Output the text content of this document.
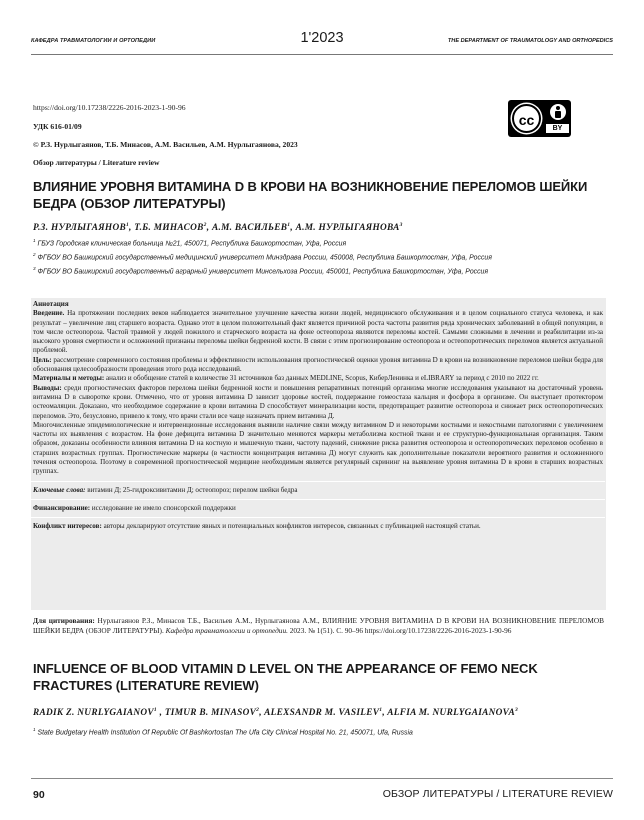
КАФЕДРА ТРАВМАТОЛОГИИ И ОРТОПЕДИИ	1'2023	THE DEPARTMENT OF TRAUMATOLOGY AND ORTHOPEDICS
https://doi.org/10.17238/2226-2016-2023-1-90-96
УДК 616-01/09
© Р.З. Нурлыгаянов, Т.Б. Минасов, А.М. Васильев, А.М. Нурлыгаянова, 2023
Обзор литературы / Literature review
cc
BY
ВЛИЯНИЕ УРОВНЯ ВИТАМИНА D В КРОВИ НА ВОЗНИКНОВЕНИЕ ПЕРЕЛОМОВ ШЕЙКИ БЕДРА (ОБЗОР ЛИТЕРАТУРЫ)
Р.З. НУРЛЫГАЯНОВ$^1$, Т.Б. МИНАСОВ$^2$, А.М. ВАСИЛЬЕВ$^1$, А.М. НУРЛЫГАЯНОВА$^3$

$^1$ ГБУЗ Городская клиническая больница №21, 450071, Республика Башкортостан, Уфа, Россия

$^2$ ФГБОУ ВО Башкирский государственный медицинский университет Минздрава России, 450008, Республика Башкортостан, Уфа, Россия

$^3$ ФГБОУ ВО Башкирский государственный аграрный университет Минсельхоза России, 450001, Республика Башкортостан, Уфа, Россия

Аннотация

Введение. На протяжении последних веков наблюдается значительное улучшение качества жизни людей, медицинского обслуживания и в целом социального статуса человека, и как результат – увеличение лиц старшего возраста. Однако этот в целом положительный факт является причиной роста частоты развития ряда хронических заболеваний в общей популяции, в том числе остеопороза. Частой травмой у людей пожилого и старческого возраста на фоне остеопороза являются переломы костей. Самыми сложными в лечении и реабилитации из-за высокого уровня смертности и осложнений признаны переломы шейки бедренной кости. В связи с этим прогнозирование остеопороза и остеопоротических переломов является актуальной проблемой.

Цель: рассмотрение современного состояния проблемы и эффективности использования прогностической оценки уровня витамина D в крови на возникновение переломов шейки бедра для обоснования целесообразности проведения этого рода исследований.

Материалы и методы: анализ и обобщение статей в количестве 31 источников баз данных MEDLINE, Scopus, КиберЛенинка и eLIBRARY за период с 2010 по 2022 гг.

Выводы: среди прогностических факторов перелома шейки бедренной кости и повышения репаративных потенций организма многие исследования указывают на достаточный уровень витамина D в сыворотке крови. Отмечено, что от уровня витамина D зависит здоровье костей, поддержание гомеостаза кальция и фосфора в организме. Он выступает протектором остеомаляции. Доказано, что необходимое содержание в крови витамина D способствует минерализации кости, предотвращает развитие остеопороза и снижает риск остеопоротических переломов. Это, безусловно, привело к тому, что врачи стали все чаще назначать прием витамина Д.

Многочисленные эпидемиологические и интервенционные исследования выявили наличие связи между витамином D и некоторыми костными и некостными патологиями с увеличением частоты их выявления с возрастом. На фоне дефицита витамина D значительно меняются маркеры метаболизма костной ткани и ее структурно-функциональная организация. Таким образом, доказаны особенности влияния витамина D на костную и мышечную ткани, частоту падений, снижение риска развития остеопороза и остеопоротических переломов особенно в старших возрастных группах. Прогностические маркеры (в частности концентрация витамина Д) могут служить как дополнительные показатели вероятного развития и осложненного течения остеопороза. Поэтому в современной прогностической медицине необходимым является регулярный скрининг на выявление уровня витамина D в крови в старших возрастных группах.

Ключевые слова: витамин Д; 25-гидроксивитамин Д; остеопороз; перелом шейки бедра

Финансирование: исследование не имело спонсорской поддержки

Конфликт интересов: авторы декларируют отсутствие явных и потенциальных конфликтов интересов, связанных с публикацией настоящей статьи.

Для цитирования: Нурлыгаянов Р.З., Минасов Т.Б., Васильев А.М., Нурлыгаянова А.М., ВЛИЯНИЕ УРОВНЯ ВИТАМИНА D В КРОВИ НА ВОЗНИКНОВЕНИЕ ПЕРЕЛОМОВ ШЕЙКИ БЕДРА (ОБЗОР ЛИТЕРАТУРЫ). Кафедра травматологии и ортопедии. 2023. № 1(51). С. 90–96 https://doi.org/10.17238/2226-2016-2023-1-90-96
INFLUENCE OF BLOOD VITAMIN D LEVEL ON THE APPEARANCE OF FEMO NECK FRACTURES (LITERATURE REVIEW)
RADIK Z. NURLYGAIANOV$^1$ , TIMUR B. MINASOV$^2$, ALEXSANDR M. VASILEV$^1$, ALFIA M. NURLYGAIANOVA$^3$

$^1$ State Budgetary Health Institution Of Republic Of Bashkortostan The Ufa City Clinical Hospital No. 21, 450071, Ufa, Russia

90	ОБЗОР ЛИТЕРАТУРЫ / LITERATURE REVIEW
